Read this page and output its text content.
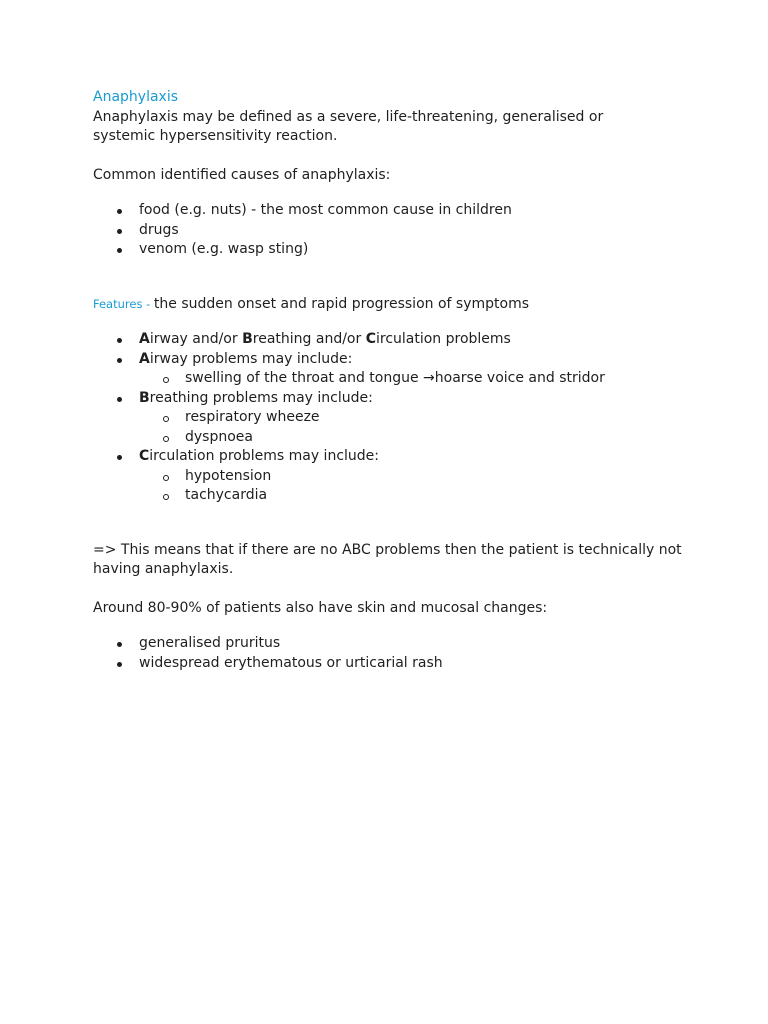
Anaphylaxis

Anaphylaxis may be defined as a severe, life-threatening, generalised or

systemic hypersensitivity reaction.

Common identified causes of anaphylaxis:

food (e.g. nuts) - the most common cause in children
drugs
venom (e.g. wasp sting)

Features - the sudden onset and rapid progression of symptoms

Airway and/or Breathing and/or Circulation problems
Airway problems may include:
swelling of the throat and tongue →hoarse voice and stridor
Breathing problems may include:
respiratory wheeze
dyspnoea
Circulation problems may include:
hypotension
tachycardia

=> This means that if there are no ABC problems then the patient is technically not

having anaphylaxis.

Around 80-90% of patients also have skin and mucosal changes:

generalised pruritus
widespread erythematous or urticarial rash
